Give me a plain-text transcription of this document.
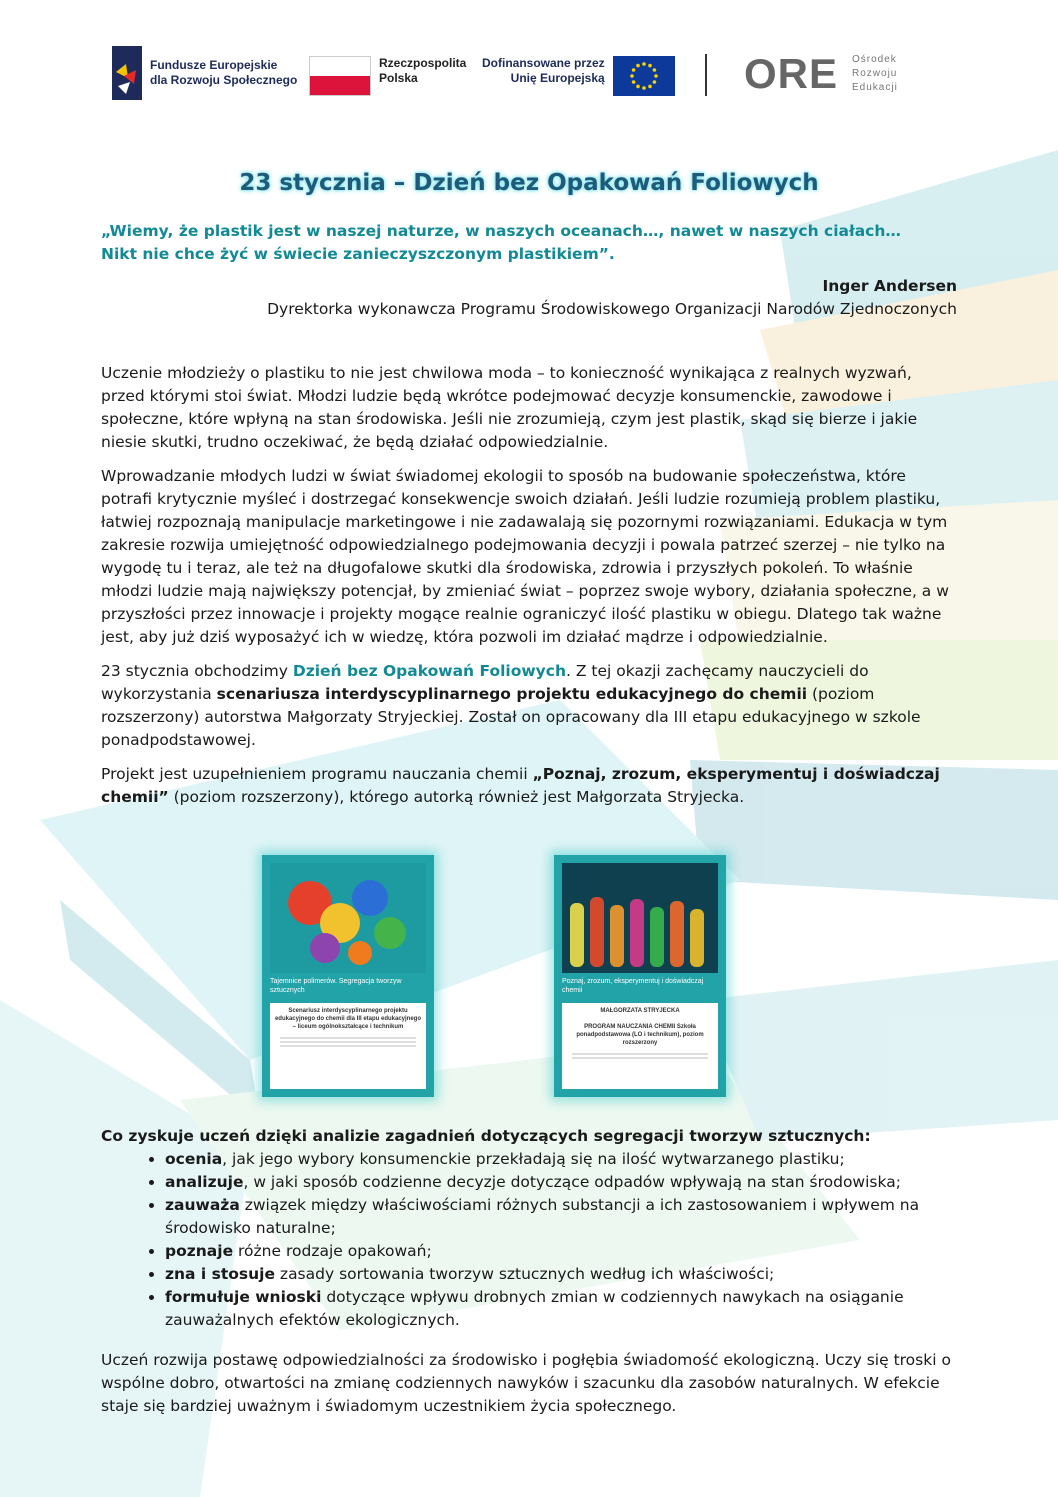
Fundusze Europejskie
dla Rozwoju Społecznego
Rzeczpospolita
Polska
Dofinansowane przez
Unię Europejską	ORE Ośrodek
Rozwoju
Edukacji
23 stycznia – Dzień bez Opakowań Foliowych
„Wiemy, że plastik jest w naszej naturze, w naszych oceanach…, nawet w naszych ciałach…
Nikt nie chce żyć w świecie zanieczyszczonym plastikiem”.
Inger Andersen
Dyrektorka wykonawcza Programu Środowiskowego Organizacji Narodów Zjednoczonych

Uczenie młodzieży o plastiku to nie jest chwilowa moda – to konieczność wynikająca z realnych wyzwań, przed którymi stoi świat. Młodzi ludzie będą wkrótce podejmować decyzje konsumenckie, zawodowe i społeczne, które wpłyną na stan środowiska. Jeśli nie zrozumieją, czym jest plastik, skąd się bierze i jakie niesie skutki, trudno oczekiwać, że będą działać odpowiedzialnie.

Wprowadzanie młodych ludzi w świat świadomej ekologii to sposób na budowanie społeczeństwa, które potrafi krytycznie myśleć i dostrzegać konsekwencje swoich działań. Jeśli ludzie rozumieją problem plastiku, łatwiej rozpoznają manipulacje marketingowe i nie zadawalają się pozornymi rozwiązaniami. Edukacja w tym zakresie rozwija umiejętność odpowiedzialnego podejmowania decyzji i powala patrzeć szerzej – nie tylko na wygodę tu i teraz, ale też na długofalowe skutki dla środowiska, zdrowia i przyszłych pokoleń. To właśnie młodzi ludzie mają największy potencjał, by zmieniać świat – poprzez swoje wybory, działania społeczne, a w przyszłości przez innowacje i projekty mogące realnie ograniczyć ilość plastiku w obiegu. Dlatego tak ważne jest, aby już dziś wyposażyć ich w wiedzę, która pozwoli im działać mądrze i odpowiedzialnie.

23 stycznia obchodzimy Dzień bez Opakowań Foliowych. Z tej okazji zachęcamy nauczycieli do wykorzystania scenariusza interdyscyplinarnego projektu edukacyjnego do chemii (poziom rozszerzony) autorstwa Małgorzaty Stryjeckiej. Został on opracowany dla III etapu edukacyjnego w szkole ponadpodstawowej.

Projekt jest uzupełnieniem programu nauczania chemii „Poznaj, zrozum, eksperymentuj i doświadczaj chemii” (poziom rozszerzony), którego autorką również jest Małgorzata Stryjecka.

Tajemnice polimerów. Segregacja tworzyw sztucznych
Scenariusz interdyscyplinarnego projektu edukacyjnego do chemii dla III etapu edukacyjnego – liceum ogólnokształcące i technikum
Poznaj, zrozum, eksperymentuj i doświadczaj chemii
MAŁGORZATA STRYJECKA
PROGRAM NAUCZANIA CHEMII Szkoła ponadpodstawowa (LO i technikum), poziom rozszerzony
Co zyskuje uczeń dzięki analizie zagadnień dotyczących segregacji tworzyw sztucznych:
• ocenia, jak jego wybory konsumenckie przekładają się na ilość wytwarzanego plastiku;
• analizuje, w jaki sposób codzienne decyzje dotyczące odpadów wpływają na stan środowiska;
• zauważa związek między właściwościami różnych substancji a ich zastosowaniem i wpływem na środowisko naturalne;
• poznaje różne rodzaje opakowań;
• zna i stosuje zasady sortowania tworzyw sztucznych według ich właściwości;
• formułuje wnioski dotyczące wpływu drobnych zmian w codziennych nawykach na osiąganie zauważalnych efektów ekologicznych.
Uczeń rozwija postawę odpowiedzialności za środowisko i pogłębia świadomość ekologiczną. Uczy się troski o wspólne dobro, otwartości na zmianę codziennych nawyków i szacunku dla zasobów naturalnych. W efekcie staje się bardziej uważnym i świadomym uczestnikiem życia społecznego.
